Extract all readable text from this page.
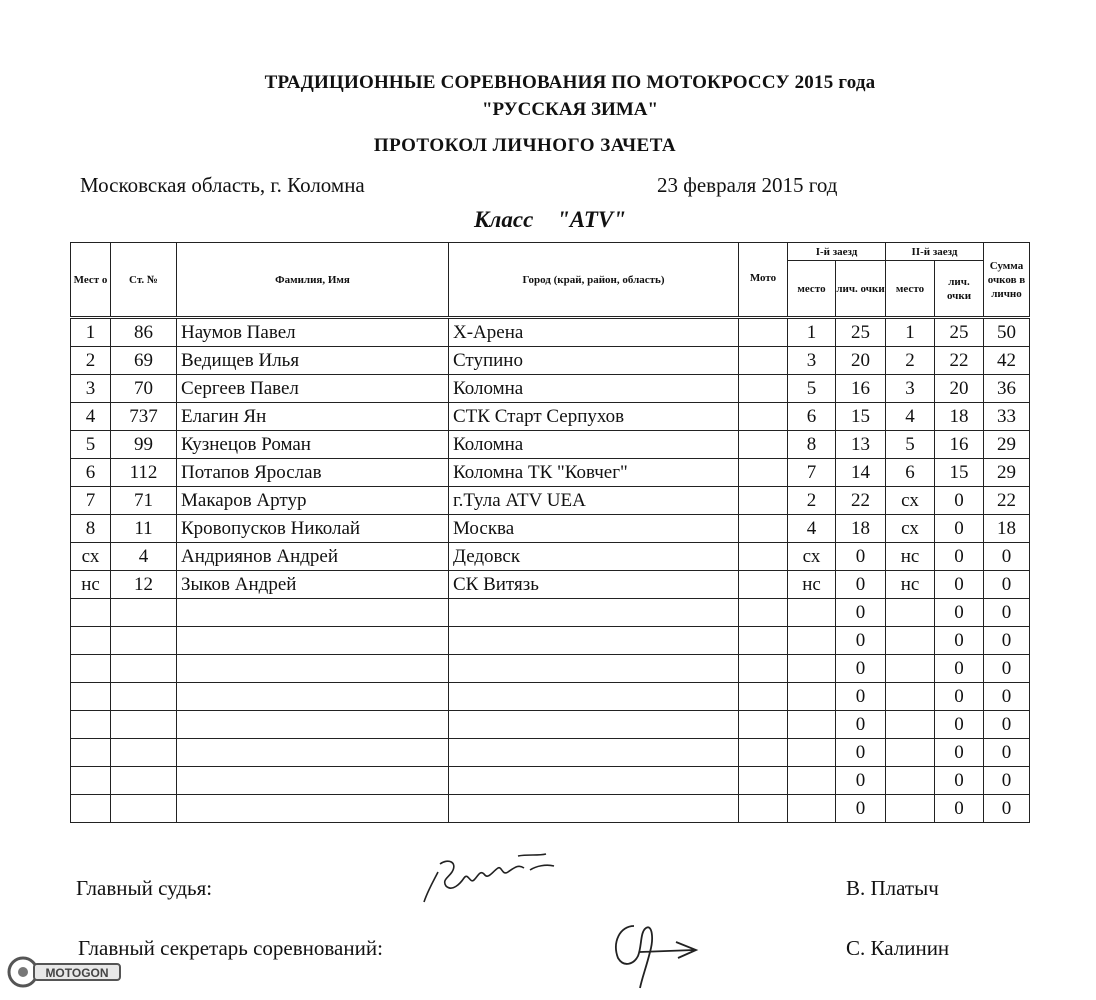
ТРАДИЦИОННЫЕ СОРЕВНОВАНИЯ ПО МОТОКРОССУ 2015 года
"РУССКАЯ ЗИМА"
ПРОТОКОЛ ЛИЧНОГО ЗАЧЕТА
Московская область, г. Коломна	23 февраля 2015 год
Класс "ATV"
Мест о	Ст. №	Фамилия, Имя	Город (край, район, область)	Мото	I-й заезд		II-й заезд		Сумма очков в лично
					место	лич. очки	место	лич. очки	
1	86	Наумов Павел	Х-Арена		1	25	1	25	50
2	69	Ведищев Илья	Ступино		3	20	2	22	42
3	70	Сергеев Павел	Коломна		5	16	3	20	36
4	737	Елагин Ян	СТК Старт Серпухов		6	15	4	18	33
5	99	Кузнецов Роман	Коломна		8	13	5	16	29
6	112	Потапов Ярослав	Коломна ТК "Ковчег"		7	14	6	15	29
7	71	Макаров Артур	г.Тула ATV UEA		2	22	сх	0	22
8	11	Кровопусков Николай	Москва		4	18	сх	0	18
сх	4	Андриянов Андрей	Дедовск		сх	0	нс	0	0
нс	12	Зыков Андрей	СК Витязь		нс	0	нс	0	0
						0		0	0
						0		0	0
						0		0	0
						0		0	0
						0		0	0
						0		0	0
						0		0	0
						0		0	0
Главный судья:	В. Платыч
Главный секретарь соревнований:	С. Калинин
MOTOGON
